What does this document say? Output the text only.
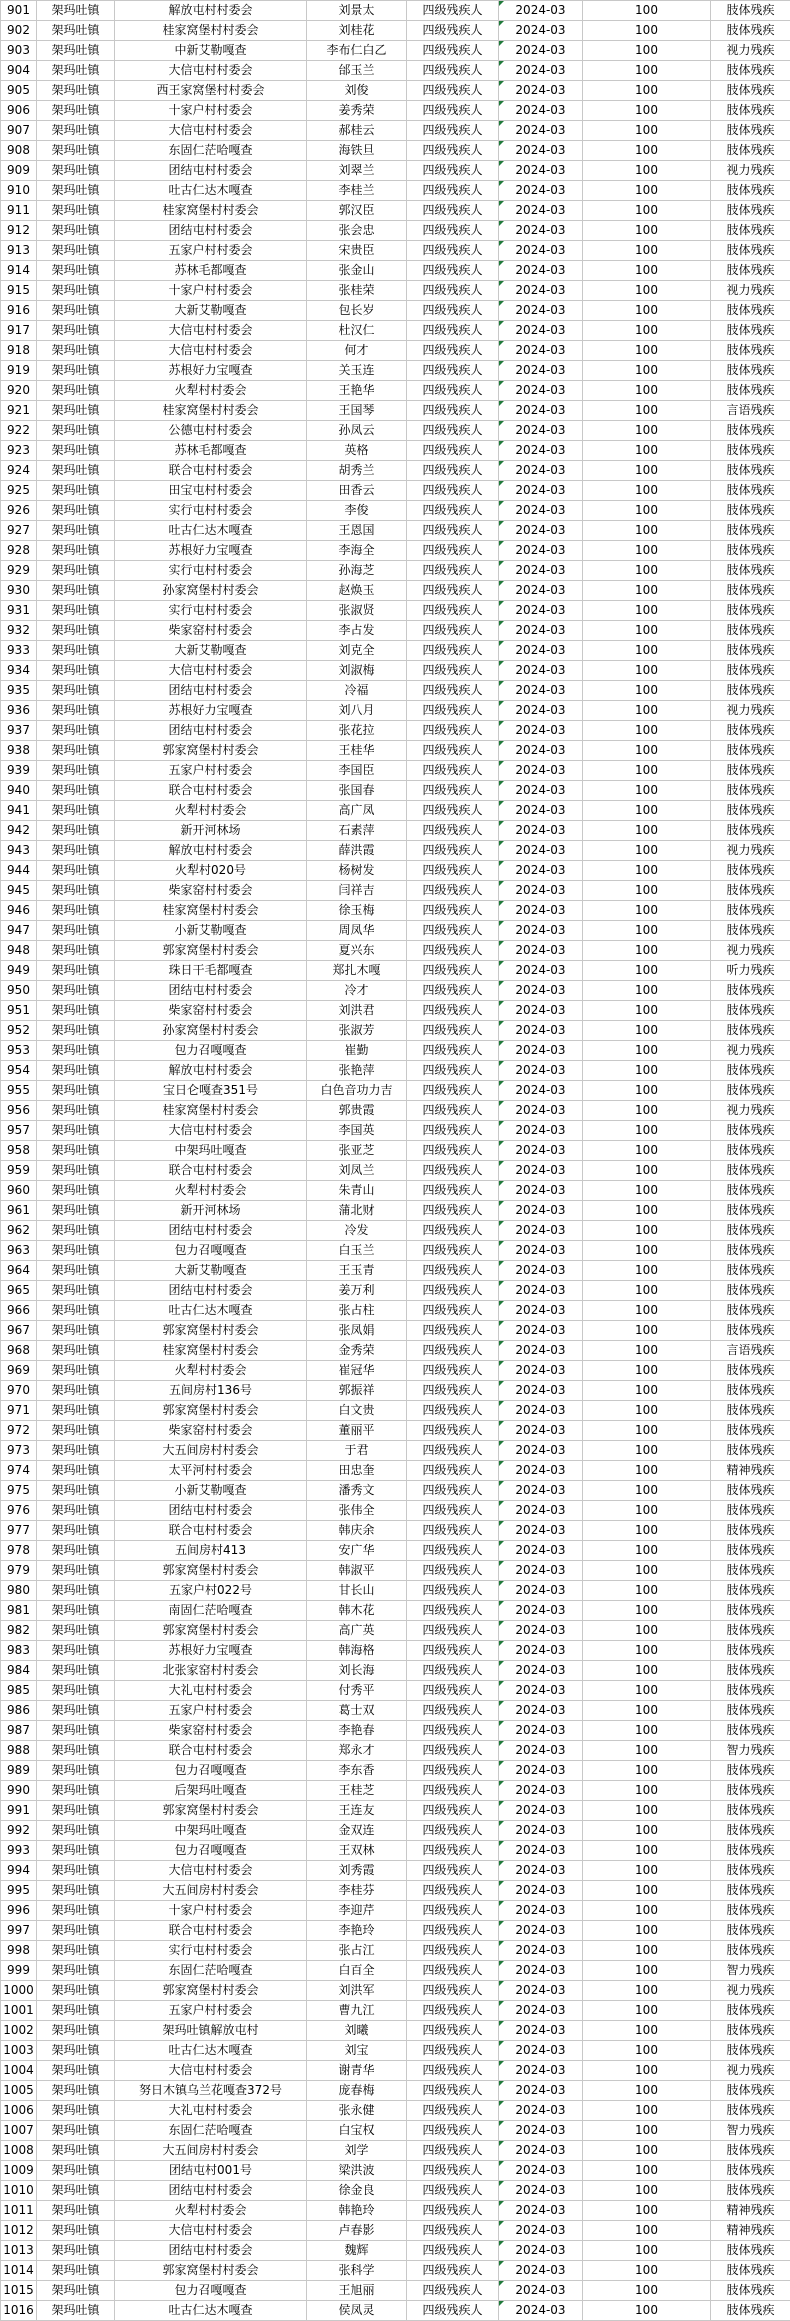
901	架玛吐镇	解放屯村村委会	刘景太	四级残疾人	2024-03	100	肢体残疾
902	架玛吐镇	桂家窝堡村村委会	刘桂花	四级残疾人	2024-03	100	肢体残疾
903	架玛吐镇	中新艾勒嘎查	李布仁白乙	四级残疾人	2024-03	100	视力残疾
904	架玛吐镇	大信屯村村委会	邰玉兰	四级残疾人	2024-03	100	肢体残疾
905	架玛吐镇	西王家窝堡村村委会	刘俊	四级残疾人	2024-03	100	肢体残疾
906	架玛吐镇	十家户村村委会	姜秀荣	四级残疾人	2024-03	100	肢体残疾
907	架玛吐镇	大信屯村村委会	郝桂云	四级残疾人	2024-03	100	肢体残疾
908	架玛吐镇	东固仁茫哈嘎查	海铁旦	四级残疾人	2024-03	100	肢体残疾
909	架玛吐镇	团结屯村村委会	刘翠兰	四级残疾人	2024-03	100	视力残疾
910	架玛吐镇	吐古仁达木嘎查	李桂兰	四级残疾人	2024-03	100	肢体残疾
911	架玛吐镇	桂家窝堡村村委会	郭汉臣	四级残疾人	2024-03	100	肢体残疾
912	架玛吐镇	团结屯村村委会	张会忠	四级残疾人	2024-03	100	肢体残疾
913	架玛吐镇	五家户村村委会	宋贵臣	四级残疾人	2024-03	100	肢体残疾
914	架玛吐镇	苏林毛都嘎查	张金山	四级残疾人	2024-03	100	肢体残疾
915	架玛吐镇	十家户村村委会	张桂荣	四级残疾人	2024-03	100	视力残疾
916	架玛吐镇	大新艾勒嘎查	包长岁	四级残疾人	2024-03	100	肢体残疾
917	架玛吐镇	大信屯村村委会	杜汉仁	四级残疾人	2024-03	100	肢体残疾
918	架玛吐镇	大信屯村村委会	何才	四级残疾人	2024-03	100	肢体残疾
919	架玛吐镇	苏根好力宝嘎查	关玉连	四级残疾人	2024-03	100	肢体残疾
920	架玛吐镇	火犁村村委会	王艳华	四级残疾人	2024-03	100	肢体残疾
921	架玛吐镇	桂家窝堡村村委会	王国琴	四级残疾人	2024-03	100	言语残疾
922	架玛吐镇	公德屯村村委会	孙凤云	四级残疾人	2024-03	100	肢体残疾
923	架玛吐镇	苏林毛都嘎查	英格	四级残疾人	2024-03	100	肢体残疾
924	架玛吐镇	联合屯村村委会	胡秀兰	四级残疾人	2024-03	100	肢体残疾
925	架玛吐镇	田宝屯村村委会	田香云	四级残疾人	2024-03	100	肢体残疾
926	架玛吐镇	实行屯村村委会	李俊	四级残疾人	2024-03	100	肢体残疾
927	架玛吐镇	吐古仁达木嘎查	王恩国	四级残疾人	2024-03	100	肢体残疾
928	架玛吐镇	苏根好力宝嘎查	李海全	四级残疾人	2024-03	100	肢体残疾
929	架玛吐镇	实行屯村村委会	孙海芝	四级残疾人	2024-03	100	肢体残疾
930	架玛吐镇	孙家窝堡村村委会	赵焕玉	四级残疾人	2024-03	100	肢体残疾
931	架玛吐镇	实行屯村村委会	张淑贤	四级残疾人	2024-03	100	肢体残疾
932	架玛吐镇	柴家窑村村委会	李占发	四级残疾人	2024-03	100	肢体残疾
933	架玛吐镇	大新艾勒嘎查	刘克全	四级残疾人	2024-03	100	肢体残疾
934	架玛吐镇	大信屯村村委会	刘淑梅	四级残疾人	2024-03	100	肢体残疾
935	架玛吐镇	团结屯村村委会	冷福	四级残疾人	2024-03	100	肢体残疾
936	架玛吐镇	苏根好力宝嘎查	刘八月	四级残疾人	2024-03	100	视力残疾
937	架玛吐镇	团结屯村村委会	张花拉	四级残疾人	2024-03	100	肢体残疾
938	架玛吐镇	郭家窝堡村村委会	王桂华	四级残疾人	2024-03	100	肢体残疾
939	架玛吐镇	五家户村村委会	李国臣	四级残疾人	2024-03	100	肢体残疾
940	架玛吐镇	联合屯村村委会	张国春	四级残疾人	2024-03	100	肢体残疾
941	架玛吐镇	火犁村村委会	高广凤	四级残疾人	2024-03	100	肢体残疾
942	架玛吐镇	新开河林场	石素萍	四级残疾人	2024-03	100	肢体残疾
943	架玛吐镇	解放屯村村委会	薛洪霞	四级残疾人	2024-03	100	视力残疾
944	架玛吐镇	火犁村020号	杨树发	四级残疾人	2024-03	100	肢体残疾
945	架玛吐镇	柴家窑村村委会	闫祥吉	四级残疾人	2024-03	100	肢体残疾
946	架玛吐镇	桂家窝堡村村委会	徐玉梅	四级残疾人	2024-03	100	肢体残疾
947	架玛吐镇	小新艾勒嘎查	周凤华	四级残疾人	2024-03	100	肢体残疾
948	架玛吐镇	郭家窝堡村村委会	夏兴东	四级残疾人	2024-03	100	视力残疾
949	架玛吐镇	珠日干毛都嘎查	郑扎木嘎	四级残疾人	2024-03	100	听力残疾
950	架玛吐镇	团结屯村村委会	冷才	四级残疾人	2024-03	100	肢体残疾
951	架玛吐镇	柴家窑村村委会	刘洪君	四级残疾人	2024-03	100	肢体残疾
952	架玛吐镇	孙家窝堡村村委会	张淑芳	四级残疾人	2024-03	100	肢体残疾
953	架玛吐镇	包力召嘎嘎查	崔勤	四级残疾人	2024-03	100	视力残疾
954	架玛吐镇	解放屯村村委会	张艳萍	四级残疾人	2024-03	100	肢体残疾
955	架玛吐镇	宝日仑嘎查351号	白色音功力吉	四级残疾人	2024-03	100	肢体残疾
956	架玛吐镇	桂家窝堡村村委会	郭贵霞	四级残疾人	2024-03	100	视力残疾
957	架玛吐镇	大信屯村村委会	李国英	四级残疾人	2024-03	100	肢体残疾
958	架玛吐镇	中架玛吐嘎查	张亚芝	四级残疾人	2024-03	100	肢体残疾
959	架玛吐镇	联合屯村村委会	刘凤兰	四级残疾人	2024-03	100	肢体残疾
960	架玛吐镇	火犁村村委会	朱青山	四级残疾人	2024-03	100	肢体残疾
961	架玛吐镇	新开河林场	蒲北财	四级残疾人	2024-03	100	肢体残疾
962	架玛吐镇	团结屯村村委会	冷发	四级残疾人	2024-03	100	肢体残疾
963	架玛吐镇	包力召嘎嘎查	白玉兰	四级残疾人	2024-03	100	肢体残疾
964	架玛吐镇	大新艾勒嘎查	王玉青	四级残疾人	2024-03	100	肢体残疾
965	架玛吐镇	团结屯村村委会	姜万利	四级残疾人	2024-03	100	肢体残疾
966	架玛吐镇	吐古仁达木嘎查	张占柱	四级残疾人	2024-03	100	肢体残疾
967	架玛吐镇	郭家窝堡村村委会	张凤娟	四级残疾人	2024-03	100	肢体残疾
968	架玛吐镇	桂家窝堡村村委会	金秀荣	四级残疾人	2024-03	100	言语残疾
969	架玛吐镇	火犁村村委会	崔冠华	四级残疾人	2024-03	100	肢体残疾
970	架玛吐镇	五间房村136号	郭振祥	四级残疾人	2024-03	100	肢体残疾
971	架玛吐镇	郭家窝堡村村委会	白文贵	四级残疾人	2024-03	100	肢体残疾
972	架玛吐镇	柴家窑村村委会	董丽平	四级残疾人	2024-03	100	肢体残疾
973	架玛吐镇	大五间房村村委会	于君	四级残疾人	2024-03	100	肢体残疾
974	架玛吐镇	太平河村村委会	田忠奎	四级残疾人	2024-03	100	精神残疾
975	架玛吐镇	小新艾勒嘎查	潘秀文	四级残疾人	2024-03	100	肢体残疾
976	架玛吐镇	团结屯村村委会	张伟全	四级残疾人	2024-03	100	肢体残疾
977	架玛吐镇	联合屯村村委会	韩庆余	四级残疾人	2024-03	100	肢体残疾
978	架玛吐镇	五间房村413	安广华	四级残疾人	2024-03	100	肢体残疾
979	架玛吐镇	郭家窝堡村村委会	韩淑平	四级残疾人	2024-03	100	肢体残疾
980	架玛吐镇	五家户村022号	甘长山	四级残疾人	2024-03	100	肢体残疾
981	架玛吐镇	南固仁茫哈嘎查	韩木花	四级残疾人	2024-03	100	肢体残疾
982	架玛吐镇	郭家窝堡村村委会	高广英	四级残疾人	2024-03	100	肢体残疾
983	架玛吐镇	苏根好力宝嘎查	韩海格	四级残疾人	2024-03	100	肢体残疾
984	架玛吐镇	北张家窑村村委会	刘长海	四级残疾人	2024-03	100	肢体残疾
985	架玛吐镇	大礼屯村村委会	付秀平	四级残疾人	2024-03	100	肢体残疾
986	架玛吐镇	五家户村村委会	葛士双	四级残疾人	2024-03	100	肢体残疾
987	架玛吐镇	柴家窑村村委会	李艳春	四级残疾人	2024-03	100	肢体残疾
988	架玛吐镇	联合屯村村委会	郑永才	四级残疾人	2024-03	100	智力残疾
989	架玛吐镇	包力召嘎嘎查	李东香	四级残疾人	2024-03	100	肢体残疾
990	架玛吐镇	后架玛吐嘎查	王桂芝	四级残疾人	2024-03	100	肢体残疾
991	架玛吐镇	郭家窝堡村村委会	王连友	四级残疾人	2024-03	100	肢体残疾
992	架玛吐镇	中架玛吐嘎查	金双连	四级残疾人	2024-03	100	肢体残疾
993	架玛吐镇	包力召嘎嘎查	王双林	四级残疾人	2024-03	100	肢体残疾
994	架玛吐镇	大信屯村村委会	刘秀霞	四级残疾人	2024-03	100	肢体残疾
995	架玛吐镇	大五间房村村委会	李桂芬	四级残疾人	2024-03	100	肢体残疾
996	架玛吐镇	十家户村村委会	李迎芹	四级残疾人	2024-03	100	肢体残疾
997	架玛吐镇	联合屯村村委会	李艳玲	四级残疾人	2024-03	100	肢体残疾
998	架玛吐镇	实行屯村村委会	张占江	四级残疾人	2024-03	100	肢体残疾
999	架玛吐镇	东固仁茫哈嘎查	白百全	四级残疾人	2024-03	100	智力残疾
1000	架玛吐镇	郭家窝堡村村委会	刘洪军	四级残疾人	2024-03	100	视力残疾
1001	架玛吐镇	五家户村村委会	曹九江	四级残疾人	2024-03	100	肢体残疾
1002	架玛吐镇	架玛吐镇解放屯村	刘曦	四级残疾人	2024-03	100	肢体残疾
1003	架玛吐镇	吐古仁达木嘎查	刘宝	四级残疾人	2024-03	100	肢体残疾
1004	架玛吐镇	大信屯村村委会	谢青华	四级残疾人	2024-03	100	视力残疾
1005	架玛吐镇	努日木镇乌兰花嘎查372号	庞春梅	四级残疾人	2024-03	100	肢体残疾
1006	架玛吐镇	大礼屯村村委会	张永健	四级残疾人	2024-03	100	肢体残疾
1007	架玛吐镇	东固仁茫哈嘎查	白宝权	四级残疾人	2024-03	100	智力残疾
1008	架玛吐镇	大五间房村村委会	刘学	四级残疾人	2024-03	100	肢体残疾
1009	架玛吐镇	团结屯村001号	梁洪波	四级残疾人	2024-03	100	肢体残疾
1010	架玛吐镇	团结屯村村委会	徐金良	四级残疾人	2024-03	100	肢体残疾
1011	架玛吐镇	火犁村村委会	韩艳玲	四级残疾人	2024-03	100	精神残疾
1012	架玛吐镇	大信屯村村委会	卢春影	四级残疾人	2024-03	100	精神残疾
1013	架玛吐镇	团结屯村村委会	魏辉	四级残疾人	2024-03	100	肢体残疾
1014	架玛吐镇	郭家窝堡村村委会	张科学	四级残疾人	2024-03	100	肢体残疾
1015	架玛吐镇	包力召嘎嘎查	王旭丽	四级残疾人	2024-03	100	肢体残疾
1016	架玛吐镇	吐古仁达木嘎查	侯凤灵	四级残疾人	2024-03	100	肢体残疾
